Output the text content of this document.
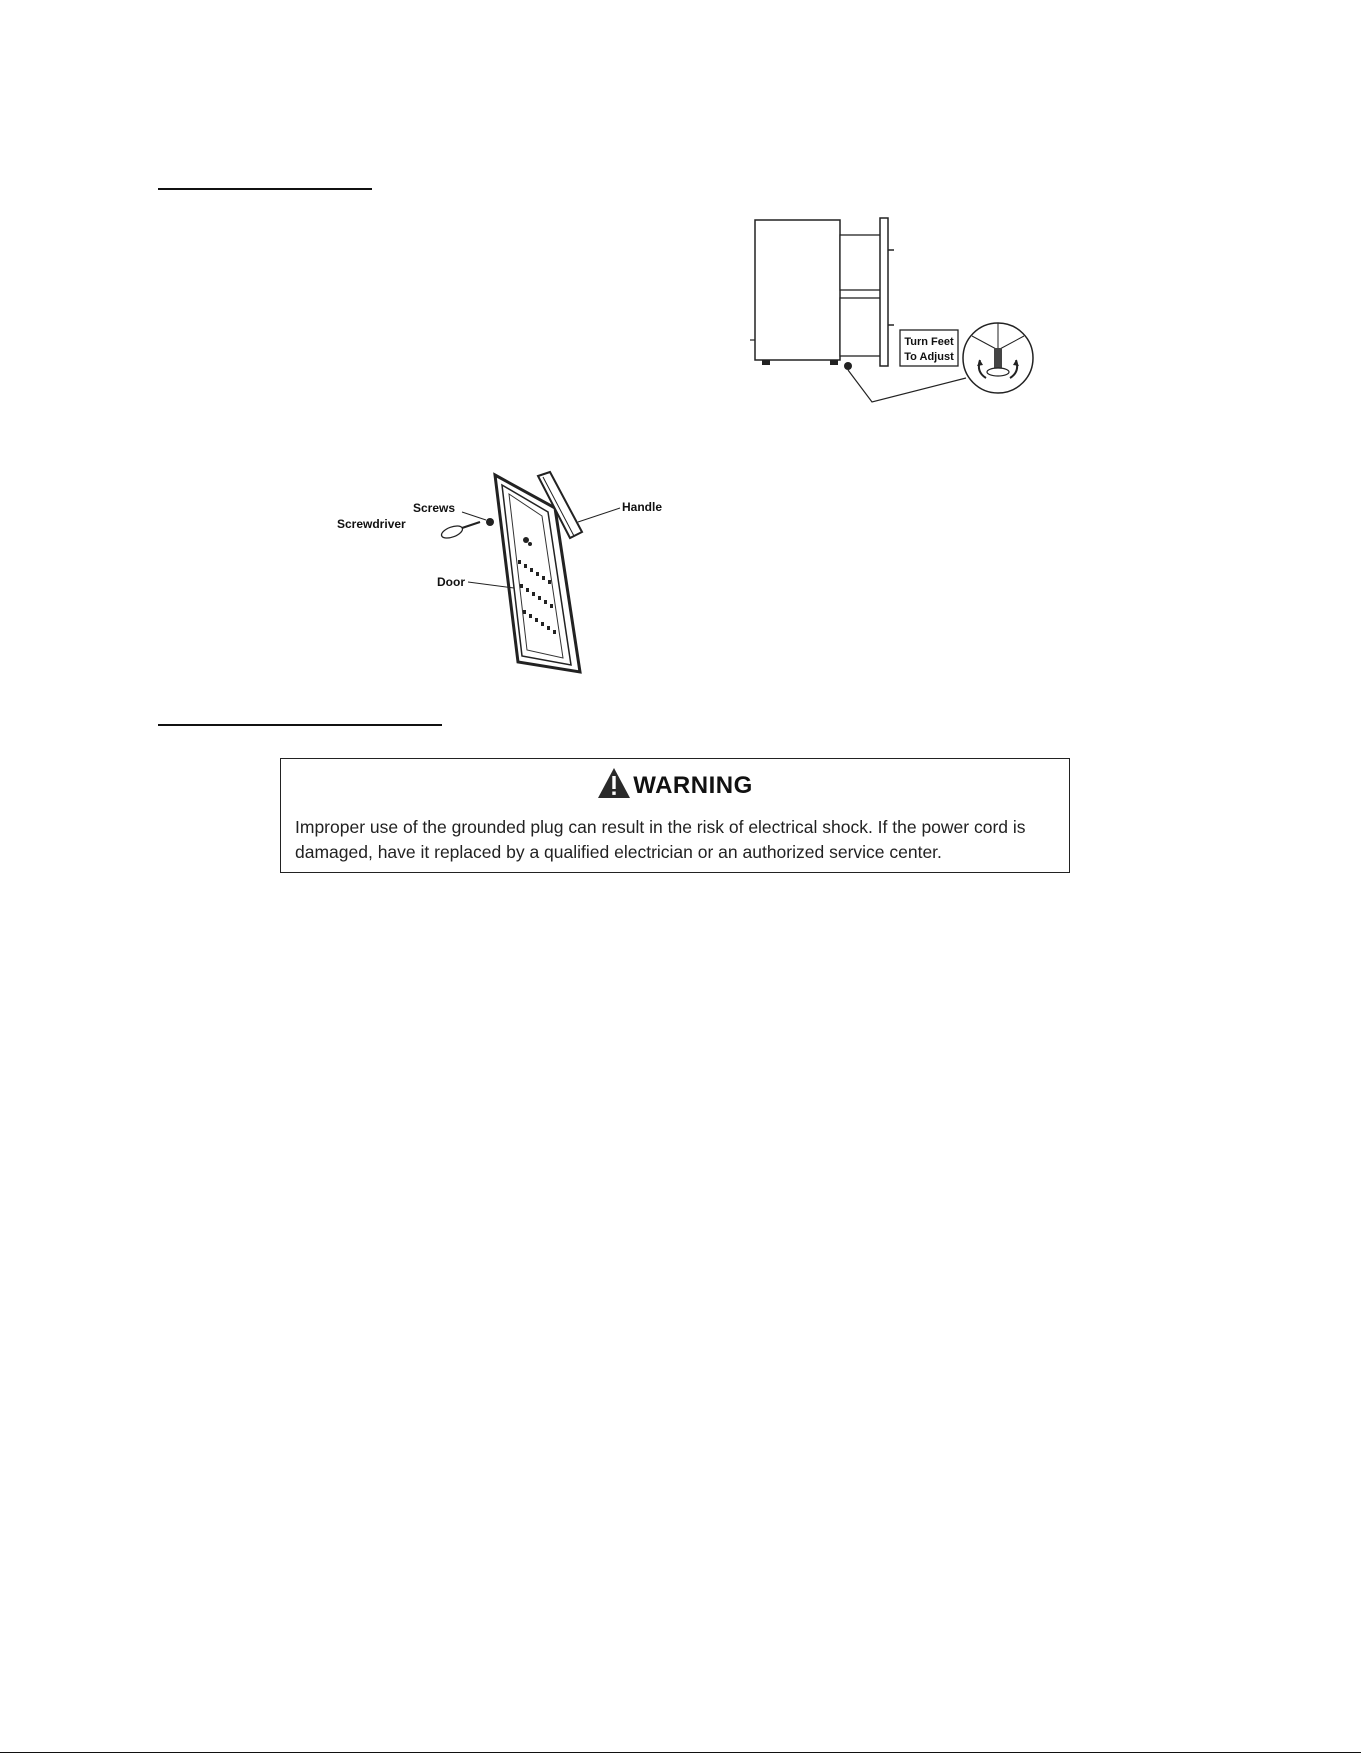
Turn Feet
To Adjust
Screws
Screwdriver
Door
Handle
WARNING
Improper use of the grounded plug can result in the risk of electrical shock. If the power cord is
damaged, have it replaced by a qualified electrician or an authorized service center.
